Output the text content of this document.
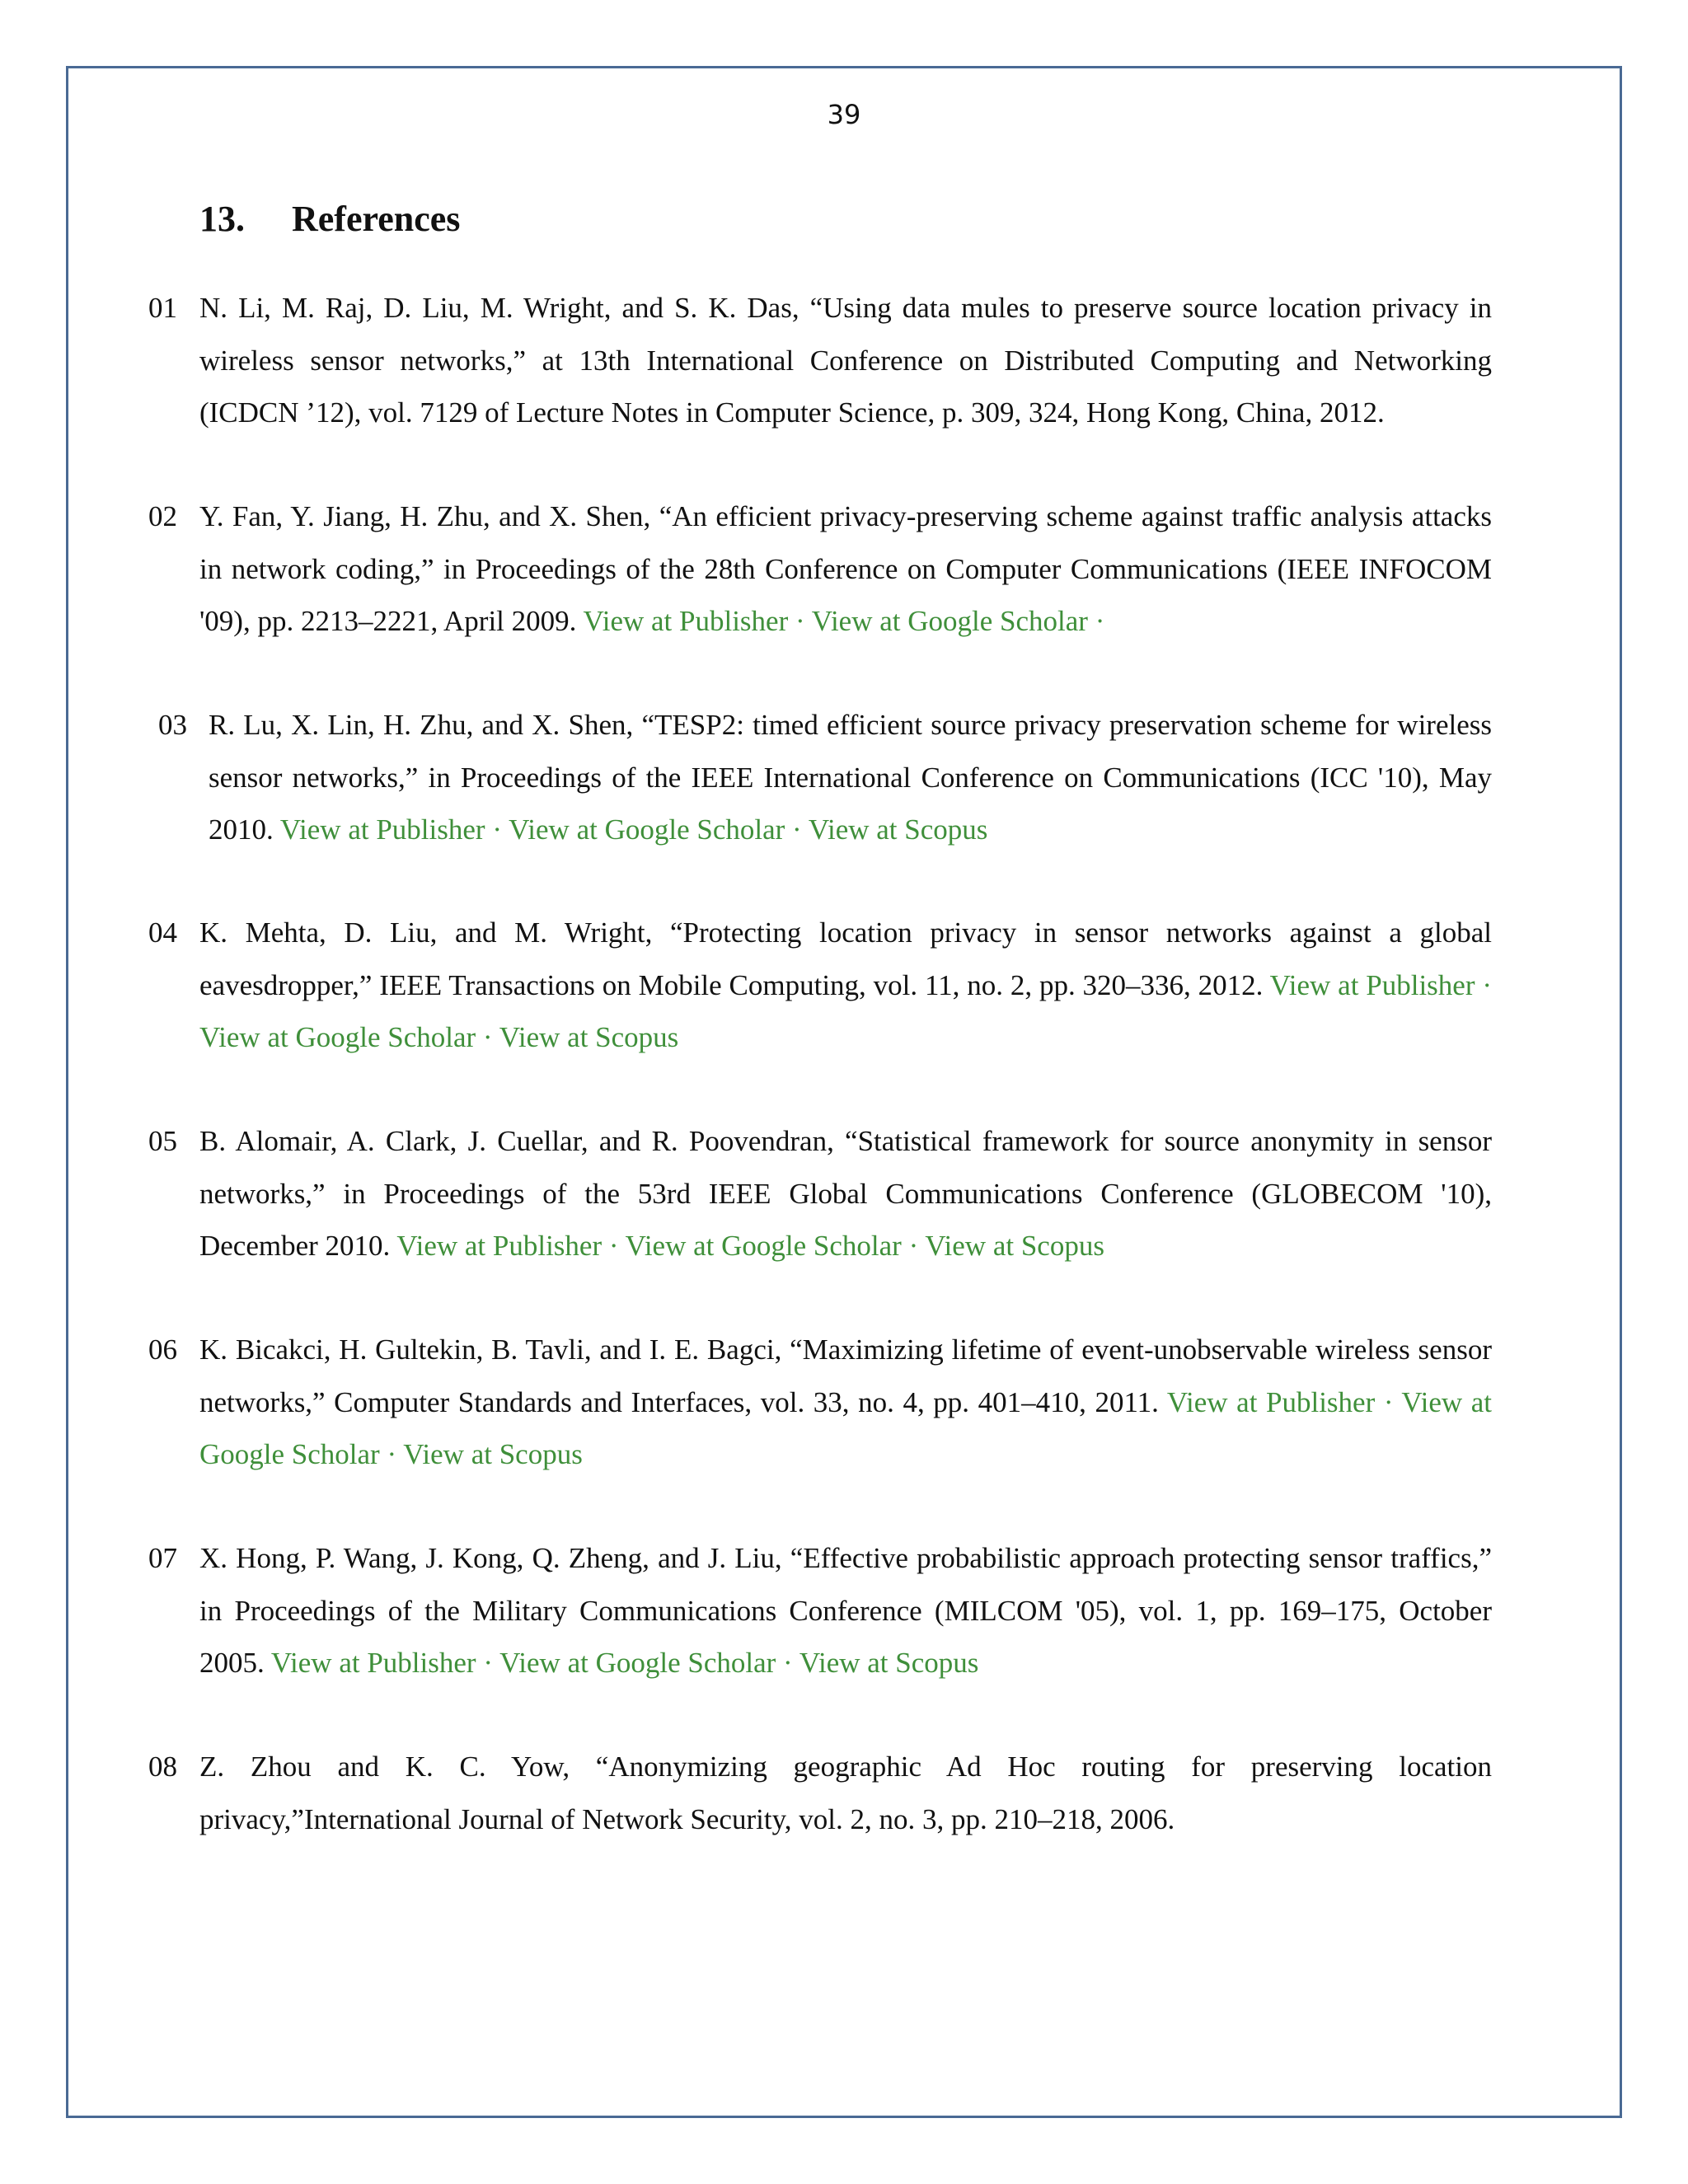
39
13. References
01 N. Li, M. Raj, D. Liu, M. Wright, and S. K. Das, “Using data mules to preserve source location privacy in wireless sensor networks,” at 13th International Conference on Distributed Computing and Networking (ICDCN ’12), vol. 7129 of Lecture Notes in Computer Science, p. 309, 324, Hong Kong, China, 2012.
02 Y. Fan, Y. Jiang, H. Zhu, and X. Shen, “An efficient privacy-preserving scheme against traffic analysis attacks in network coding,” in Proceedings of the 28th Conference on Computer Communications (IEEE INFOCOM '09), pp. 2213–2221, April 2009. View at Publisher · View at Google Scholar ·
03 R. Lu, X. Lin, H. Zhu, and X. Shen, “TESP2: timed efficient source privacy preservation scheme for wireless sensor networks,” in Proceedings of the IEEE International Conference on Communications (ICC '10), May 2010. View at Publisher · View at Google Scholar · View at Scopus
04 K. Mehta, D. Liu, and M. Wright, “Protecting location privacy in sensor networks against a global eavesdropper,” IEEE Transactions on Mobile Computing, vol. 11, no. 2, pp. 320–336, 2012. View at Publisher · View at Google Scholar · View at Scopus
05 B. Alomair, A. Clark, J. Cuellar, and R. Poovendran, “Statistical framework for source anonymity in sensor networks,” in Proceedings of the 53rd IEEE Global Communications Conference (GLOBECOM '10), December 2010. View at Publisher · View at Google Scholar · View at Scopus
06 K. Bicakci, H. Gultekin, B. Tavli, and I. E. Bagci, “Maximizing lifetime of event-unobservable wireless sensor networks,” Computer Standards and Interfaces, vol. 33, no. 4, pp. 401–410, 2011. View at Publisher · View at Google Scholar · View at Scopus
07 X. Hong, P. Wang, J. Kong, Q. Zheng, and J. Liu, “Effective probabilistic approach protecting sensor traffics,” in Proceedings of the Military Communications Conference (MILCOM '05), vol. 1, pp. 169–175, October 2005. View at Publisher · View at Google Scholar · View at Scopus
08 Z. Zhou and K. C. Yow, “Anonymizing geographic Ad Hoc routing for preserving location privacy,”International Journal of Network Security, vol. 2, no. 3, pp. 210–218, 2006.
